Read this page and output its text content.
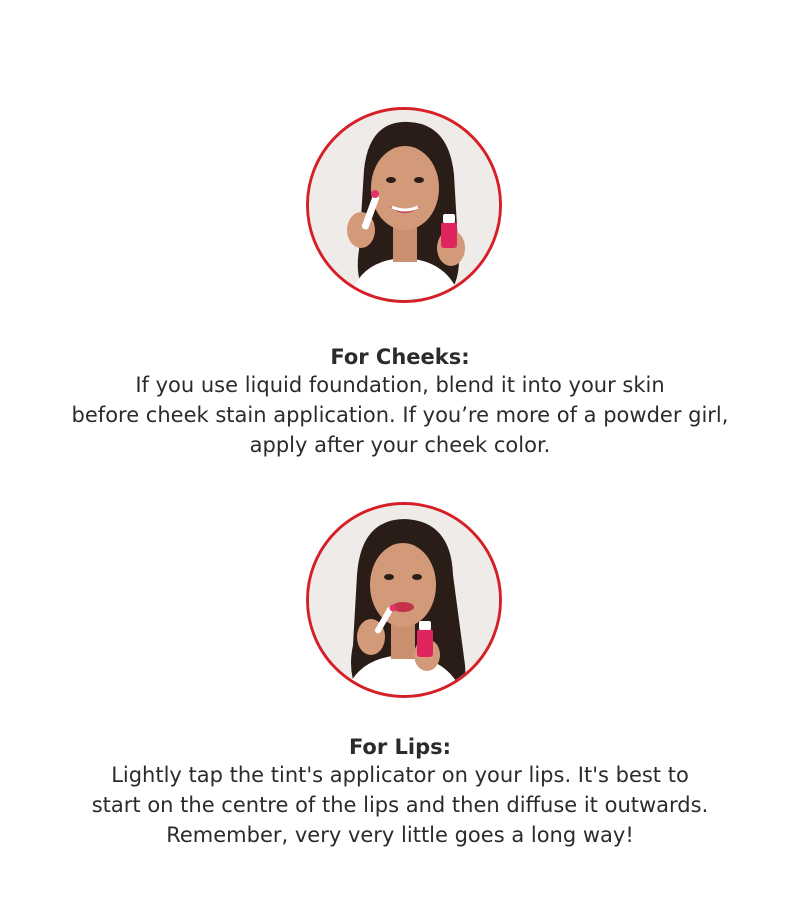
For Cheeks:
If you use liquid foundation, blend it into your skin
before cheek stain application. If you’re more of a powder girl,
apply after your cheek color.
For Lips:
Lightly tap the tint's applicator on your lips. It's best to
start on the centre of the lips and then diffuse it outwards.
Remember, very very little goes a long way!
